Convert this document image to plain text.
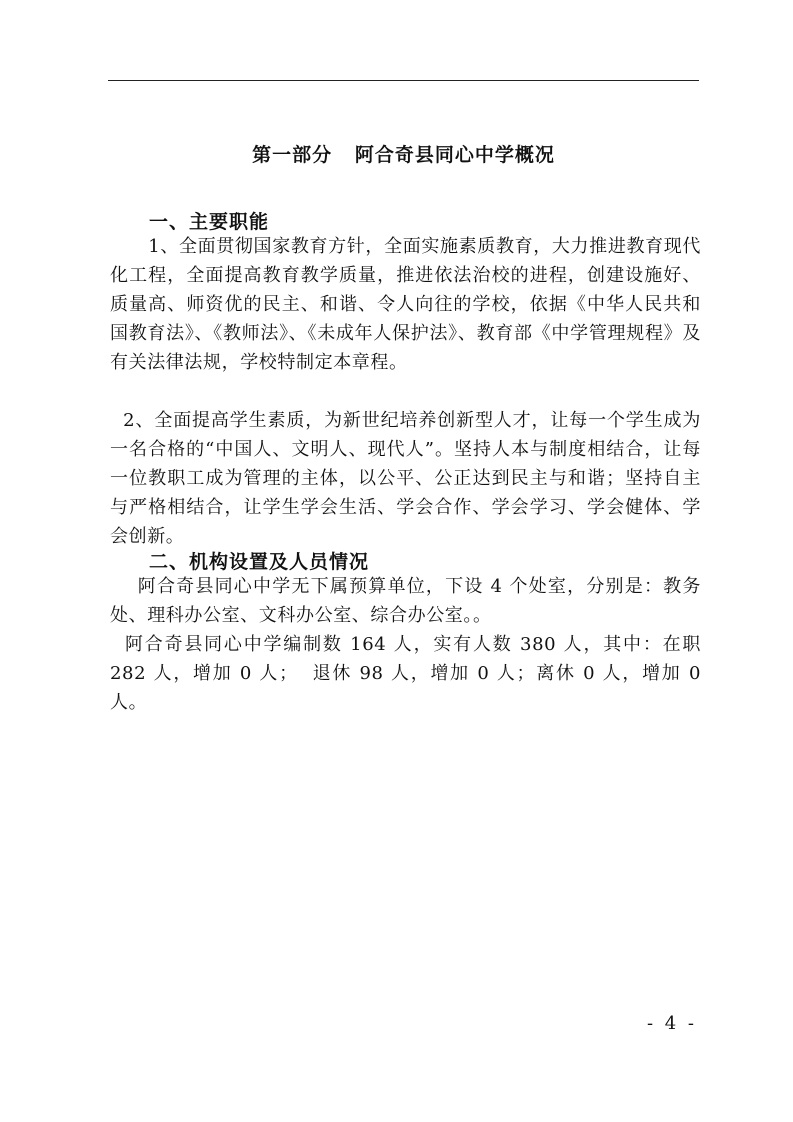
第一部分   阿合奇县同心中学概况
一、主要职能
1、全面贯彻国家教育方针，全面实施素质教育，大力推进教育现代化工程，全面提高教育教学质量，推进依法治校的进程，创建设施好、质量高、师资优的民主、和谐、令人向往的学校，依据《中华人民共和国教育法》、《教师法》、《未成年人保护法》、教育部《中学管理规程》及有关法律法规，学校特制定本章程。
2、全面提高学生素质，为新世纪培养创新型人才，让每一个学生成为一名合格的“中国人、文明人、现代人”。坚持人本与制度相结合，让每一位教职工成为管理的主体，以公平、公正达到民主与和谐；坚持自主与严格相结合，让学生学会生活、学会合作、学会学习、学会健体、学会创新。
二、机构设置及人员情况
阿合奇县同心中学无下属预算单位，下设 4 个处室，分别是：教务处、理科办公室、文科办公室、综合办公室。。
阿合奇县同心中学编制数 164 人，实有人数 380 人，其中：在职 282 人，增加 0 人；  退休 98 人，增加 0 人；离休 0 人，增加 0 人。
- 4 -
